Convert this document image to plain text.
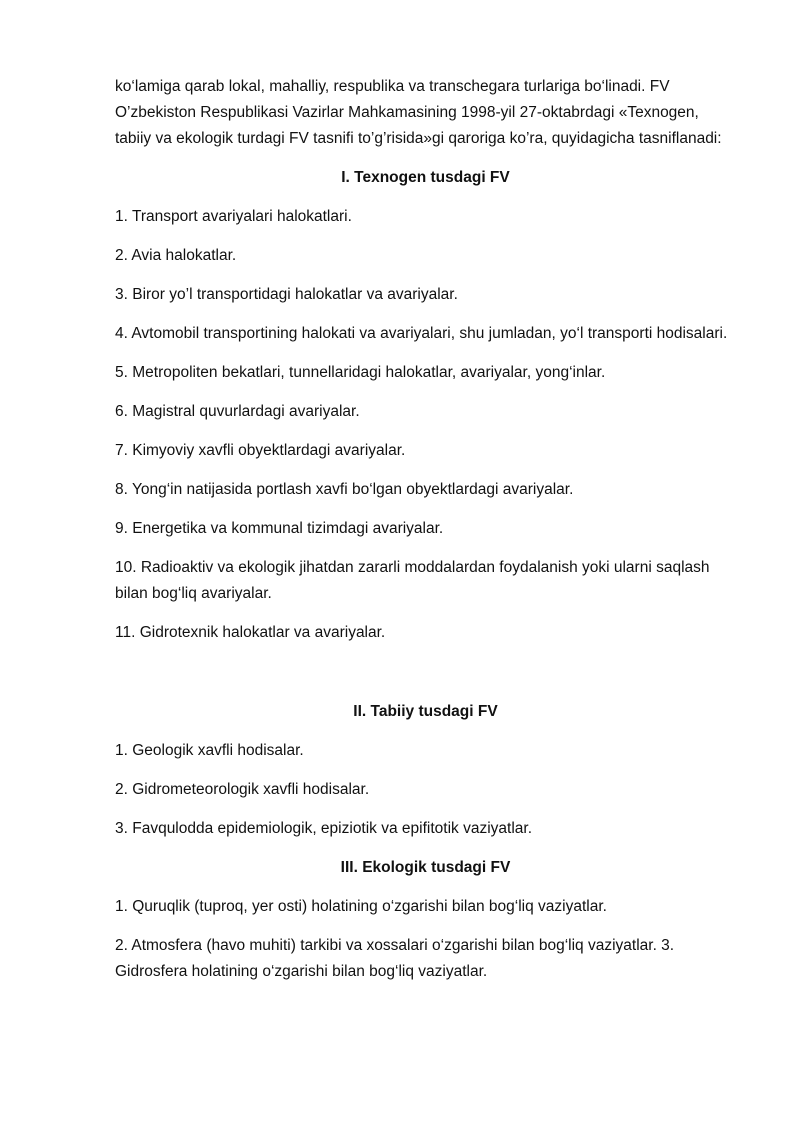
ko‘lamiga qarab lokal, mahalliy, respublika va transchegara turlariga bo‘linadi. FV O’zbekiston Respublikasi Vazirlar Mahkamasining 1998-yil 27-oktabrdagi «Texnogen, tabiiy va ekologik turdagi FV tasnifi to’g’risida»gi qaroriga ko’ra, quyidagicha tasniflanadi:

I. Texnogen tusdagi FV

1. Transport avariyalari halokatlari.

2. Avia halokatlar.

3. Biror yo’l transportidagi halokatlar va avariyalar.

4. Avtomobil transportining halokati va avariyalari, shu jumladan, yo‘l transporti hodisalari.

5. Metropoliten bekatlari, tunnellaridagi halokatlar, avariyalar, yong‘inlar.

6. Magistral quvurlardagi avariyalar.

7. Kimyoviy xavfli obyektlardagi avariyalar.

8. Yong‘in natijasida portlash xavfi bo‘lgan obyektlardagi avariyalar.

9. Energetika va kommunal tizimdagi avariyalar.

10. Radioaktiv va ekologik jihatdan zararli moddalardan foydalanish yoki ularni saqlash bilan bog‘liq avariyalar.

11. Gidrotexnik halokatlar va avariyalar.

II. Tabiiy tusdagi FV

1. Geologik xavfli hodisalar.

2. Gidrometeorologik xavfli hodisalar.

3. Favqulodda epidemiologik, epiziotik va epifitotik vaziyatlar.

III. Ekologik tusdagi FV

1. Quruqlik (tuproq, yer osti) holatining o‘zgarishi bilan bog‘liq vaziyatlar.

2. Atmosfera (havo muhiti) tarkibi va xossalari o‘zgarishi bilan bog‘liq vaziyatlar. 3. Gidrosfera holatining o‘zgarishi bilan bog‘liq vaziyatlar.
